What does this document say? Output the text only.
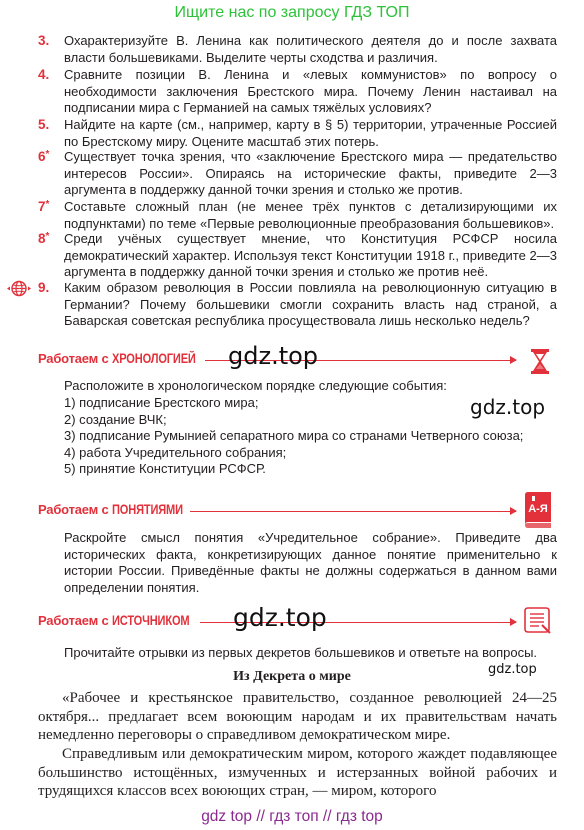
Ищите нас по запросу ГДЗ ТОП
3. Охарактеризуйте В. Ленина как политического деятеля до и после захвата власти большевиками. Выделите черты сходства и различия.
4. Сравните позиции В. Ленина и «левых коммунистов» по вопросу о необходимости заключения Брестского мира. Почему Ленин настаивал на подписании мира с Германией на самых тяжёлых условиях?
5. Найдите на карте (см., например, карту в § 5) территории, утраченные Россией по Брестскому миру. Оцените масштаб этих потерь.
6* Существует точка зрения, что «заключение Брестского мира — предательство интересов России». Опираясь на исторические факты, приведите 2—3 аргумента в поддержку данной точки зрения и столько же против.
7* Составьте сложный план (не менее трёх пунктов с детализирующими их подпунктами) по теме «Первые революционные преобразования большевиков».
8* Среди учёных существует мнение, что Конституция РСФСР носила демократический характер. Используя текст Конституции 1918 г., приведите 2—3 аргумента в поддержку данной точки зрения и столько же против неё.
9. Каким образом революция в России повлияла на революционную ситуацию в Германии? Почему большевики смогли сохранить власть над страной, а Баварская советская республика просуществовала лишь несколько недель?
Работаем с ХРОНОЛОГИЕЙ	gdz.top
Расположите в хронологическом порядке следующие события:
gdz.top
1) подписание Брестского мира;
2) создание ВЧК;
3) подписание Румынией сепаратного мира со странами Четверного союза;
4) работа Учредительного собрания;
5) принятие Конституции РСФСР.
Работаем с ПОНЯТИЯМИ	А-Я
Раскройте смысл понятия «Учредительное собрание». Приведите два исторических факта, конкретизирующих данное понятие применительно к истории России. Приведённые факты не должны содержаться в данном вами определении понятия.
Работаем с ИСТОЧНИКОМ	gdz.top
Прочитайте отрывки из первых декретов большевиков и ответьте на вопросы.
gdz.top
Из Декрета о мире
«Рабочее и крестьянское правительство, созданное революцией 24—25 октября... предлагает всем воюющим народам и их правительствам начать немедленно переговоры о справедливом демократическом мире.
Справедливым или демократическим миром, которого жаждет подавляющее большинство истощённых, измученных и истерзанных войной рабочих и трудящихся классов всех воюющих стран, — миром, которого
gdz top // гдз топ // гдз top
